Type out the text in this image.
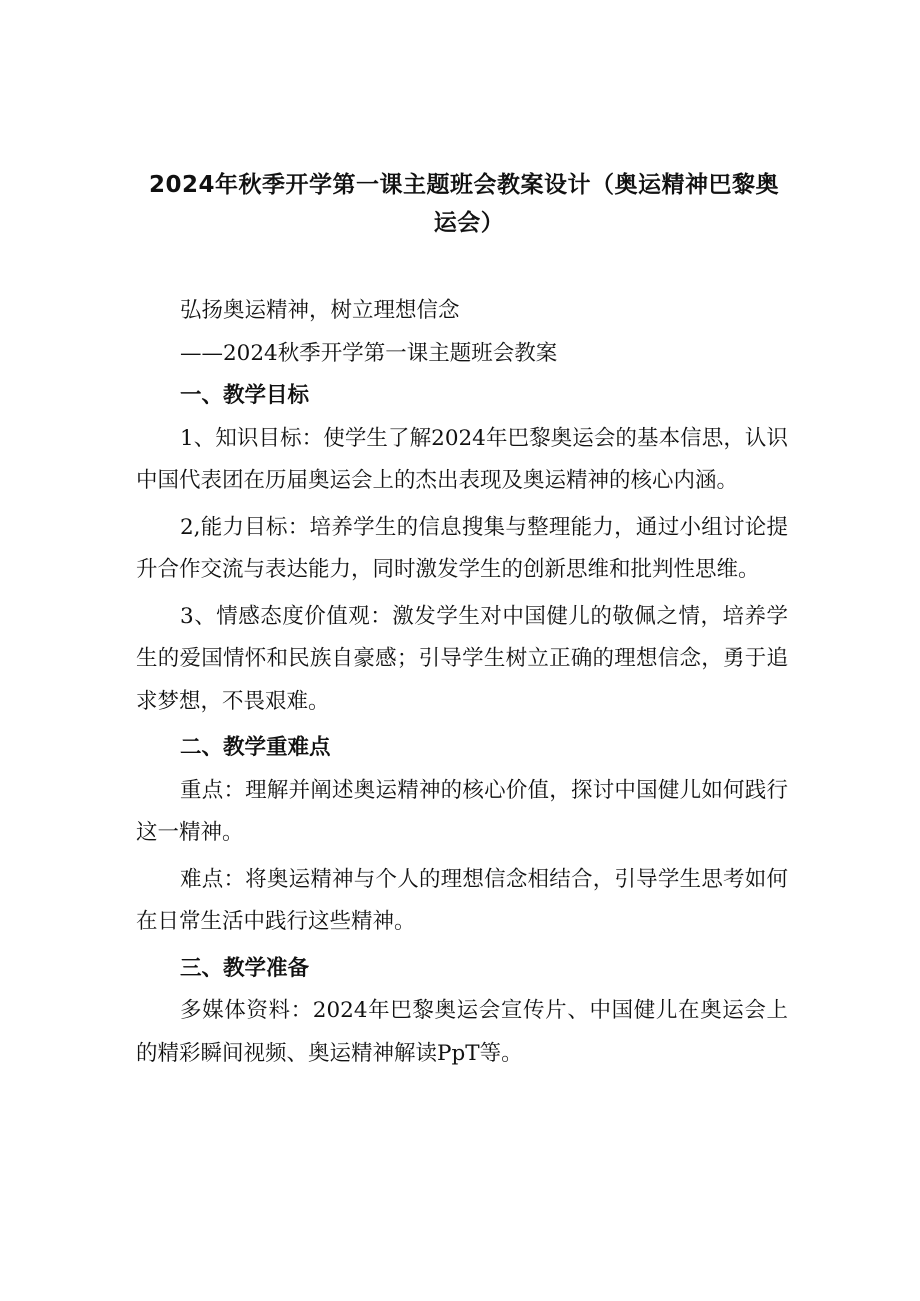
2024年秋季开学第一课主题班会教案设计（奥运精神巴黎奥
运会）

弘扬奥运精神，树立理想信念

——2024秋季开学第一课主题班会教案

一、教学目标

1、知识目标：使学生了解2024年巴黎奥运会的基本信思，认识中国代表团在历届奥运会上的杰出表现及奥运精神的核心内涵。

2,能力目标：培养学生的信息搜集与整理能力，通过小组讨论提升合作交流与表达能力，同时激发学生的创新思维和批判性思维。

3、情感态度价值观：激发学生对中国健儿的敬佩之情，培养学生的爱国情怀和民族自豪感；引导学生树立正确的理想信念，勇于追求梦想，不畏艰难。

二、教学重难点

重点：理解并阐述奥运精神的核心价值，探讨中国健儿如何践行这一精神。

难点：将奥运精神与个人的理想信念相结合，引导学生思考如何在日常生活中践行这些精神。

三、教学准备

多媒体资料：2024年巴黎奥运会宣传片、中国健儿在奥运会上的精彩瞬间视频、奥运精神解读PpT等。
